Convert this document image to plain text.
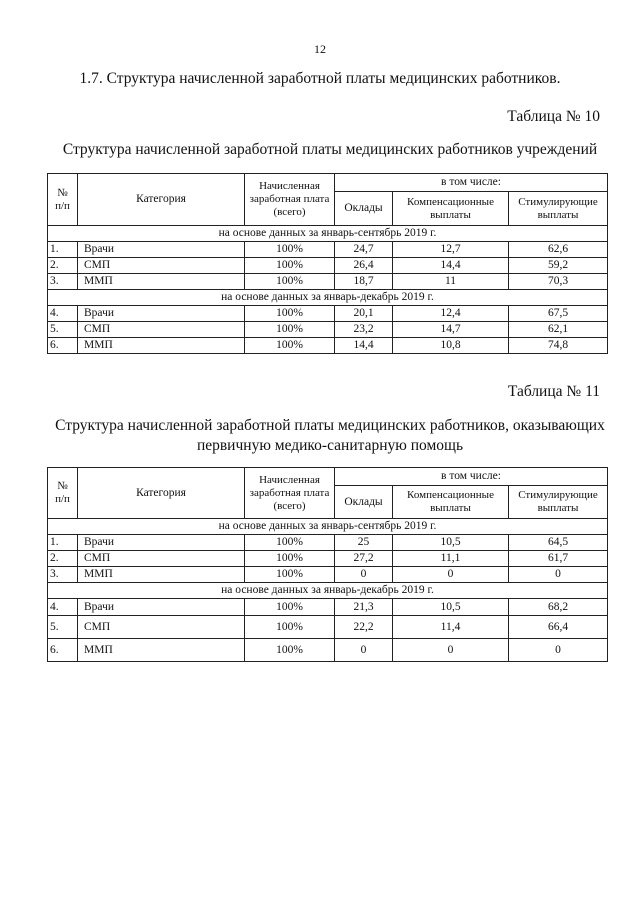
12
1.7. Структура начисленной заработной платы медицинских работников.
Таблица № 10
Структура начисленной заработной платы медицинских работников учреждений
№ п/п	Категория	Начисленная заработная плата (всего)	в том числе:		
			Оклады	Компенсационные выплаты	Стимулирующие выплаты
на основе данных за январь-сентябрь 2019 г.					
1.	Врачи	100%	24,7	12,7	62,6
2.	СМП	100%	26,4	14,4	59,2
3.	ММП	100%	18,7	11	70,3
на основе данных за январь-декабрь 2019 г.					
4.	Врачи	100%	20,1	12,4	67,5
5.	СМП	100%	23,2	14,7	62,1
6.	ММП	100%	14,4	10,8	74,8
Таблица № 11
Структура начисленной заработной платы медицинских работников, оказывающих первичную медико-санитарную помощь
№ п/п	Категория	Начисленная заработная плата (всего)	в том числе:		
			Оклады	Компенсационные выплаты	Стимулирующие выплаты
на основе данных за январь-сентябрь 2019 г.					
1.	Врачи	100%	25	10,5	64,5
2.	СМП	100%	27,2	11,1	61,7
3.	ММП	100%	0	0	0
на основе данных за январь-декабрь 2019 г.					
4.	Врачи	100%	21,3	10,5	68,2
5.	СМП	100%	22,2	11,4	66,4
6.	ММП	100%	0	0	0
